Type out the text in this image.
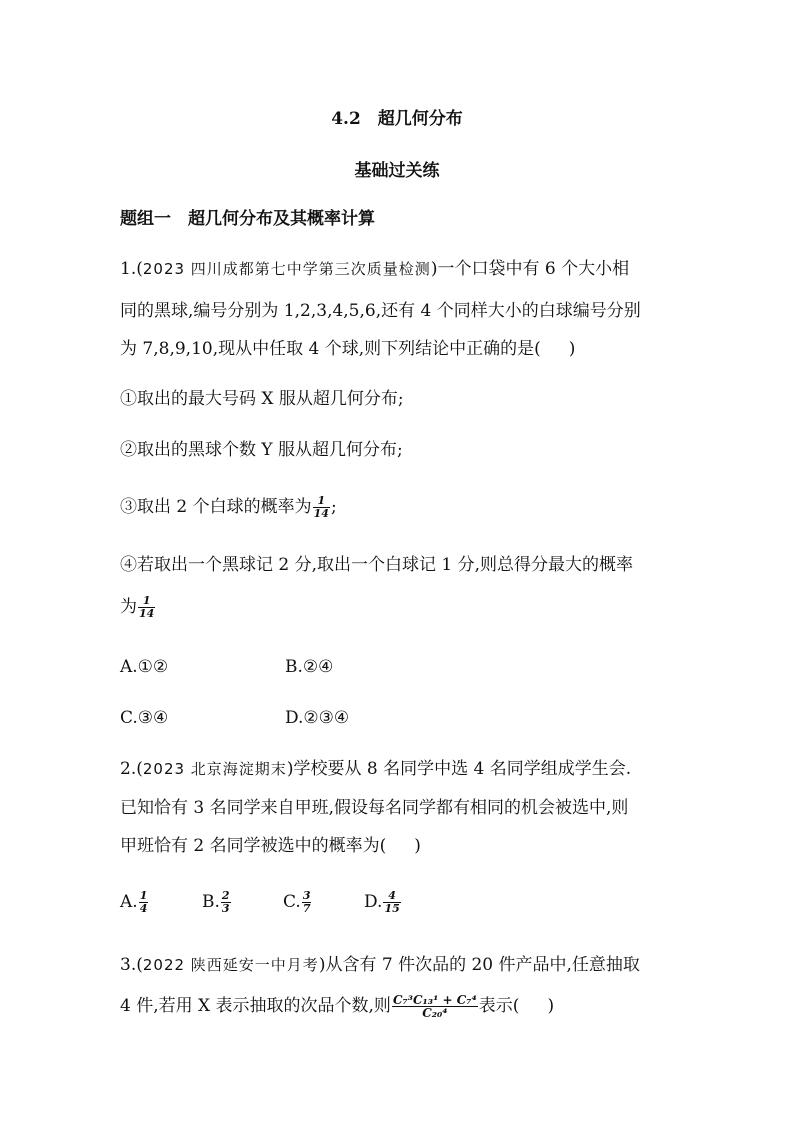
4.2　超几何分布
基础过关练
题组一　超几何分布及其概率计算
1.(2023 四川成都第七中学第三次质量检测)一个口袋中有 6 个大小相
同的黑球,编号分别为 1,2,3,4,5,6,还有 4 个同样大小的白球编号分别
为 7,8,9,10,现从中任取 4 个球,则下列结论中正确的是( )
①取出的最大号码 X 服从超几何分布;
②取出的黑球个数 Y 服从超几何分布;
③取出 2 个白球的概率为 $\frac{1}{14}$ ;
④若取出一个黑球记 2 分,取出一个白球记 1 分,则总得分最大的概率
为 $\frac{1}{14}$
A.①②	B.②④
C.③④	D.②③④
2.(2023 北京海淀期末)学校要从 8 名同学中选 4 名同学组成学生会.
已知恰有 3 名同学来自甲班,假设每名同学都有相同的机会被选中,则
甲班恰有 2 名同学被选中的概率为( )
A. $\frac{1}{4}$	B. $\frac{2}{3}$	C. $\frac{3}{7}$	D. $\frac{4}{15}$
3.(2022 陕西延安一中月考)从含有 7 件次品的 20 件产品中,任意抽取
4 件,若用 X 表示抽取的次品个数,则 $\frac{\text{C₇³C₁₃¹ + C₇⁴}}{\text{C₂₀⁴}}$ 表示( )
